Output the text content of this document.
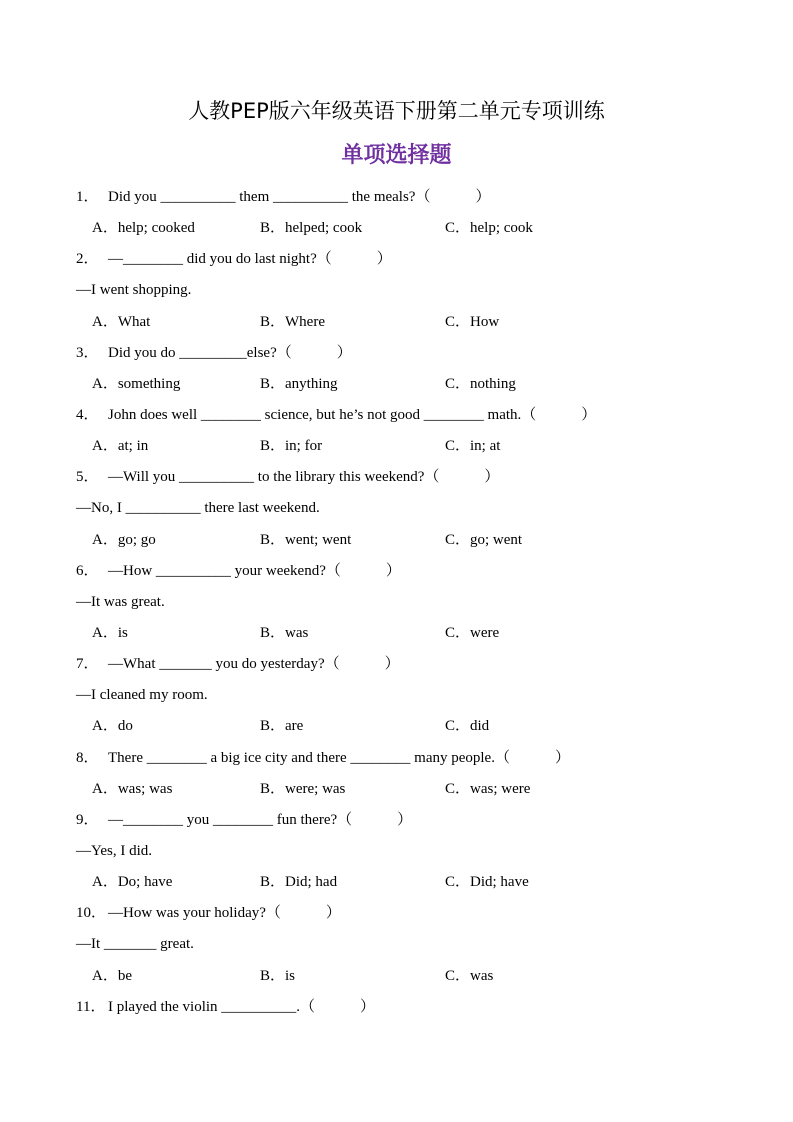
人教PEP版六年级英语下册第二单元专项训练
单项选择题
1． Did you __________ them __________ the meals?（　　　）
A．help; cooked	B．helped; cook	C．help; cook
2． —________ did you do last night?（　　　）
—I went shopping.
A．What	B．Where	C．How
3． Did you do _________else?（　　　）
A．something	B．anything	C．nothing
4． John does well ________ science, but he’s not good ________ math.（　　　）
A．at; in	B．in; for	C．in; at
5． —Will you __________ to the library this weekend?（　　　）
—No, I __________ there last weekend.
A．go; go	B．went; went	C．go; went
6． —How __________ your weekend?（　　　）
—It was great.
A．is	B．was	C．were
7． —What _______ you do yesterday?（　　　）
—I cleaned my room.
A．do	B．are	C．did
8． There ________ a big ice city and there ________ many people.（　　　）
A．was; was	B．were; was	C．was; were
9． —________ you ________ fun there?（　　　）
—Yes, I did.
A．Do; have	B．Did; had	C．Did; have
10． —How was your holiday?（　　　）
—It _______ great.
A．be	B．is	C．was
11． I played the violin __________.（　　　）
